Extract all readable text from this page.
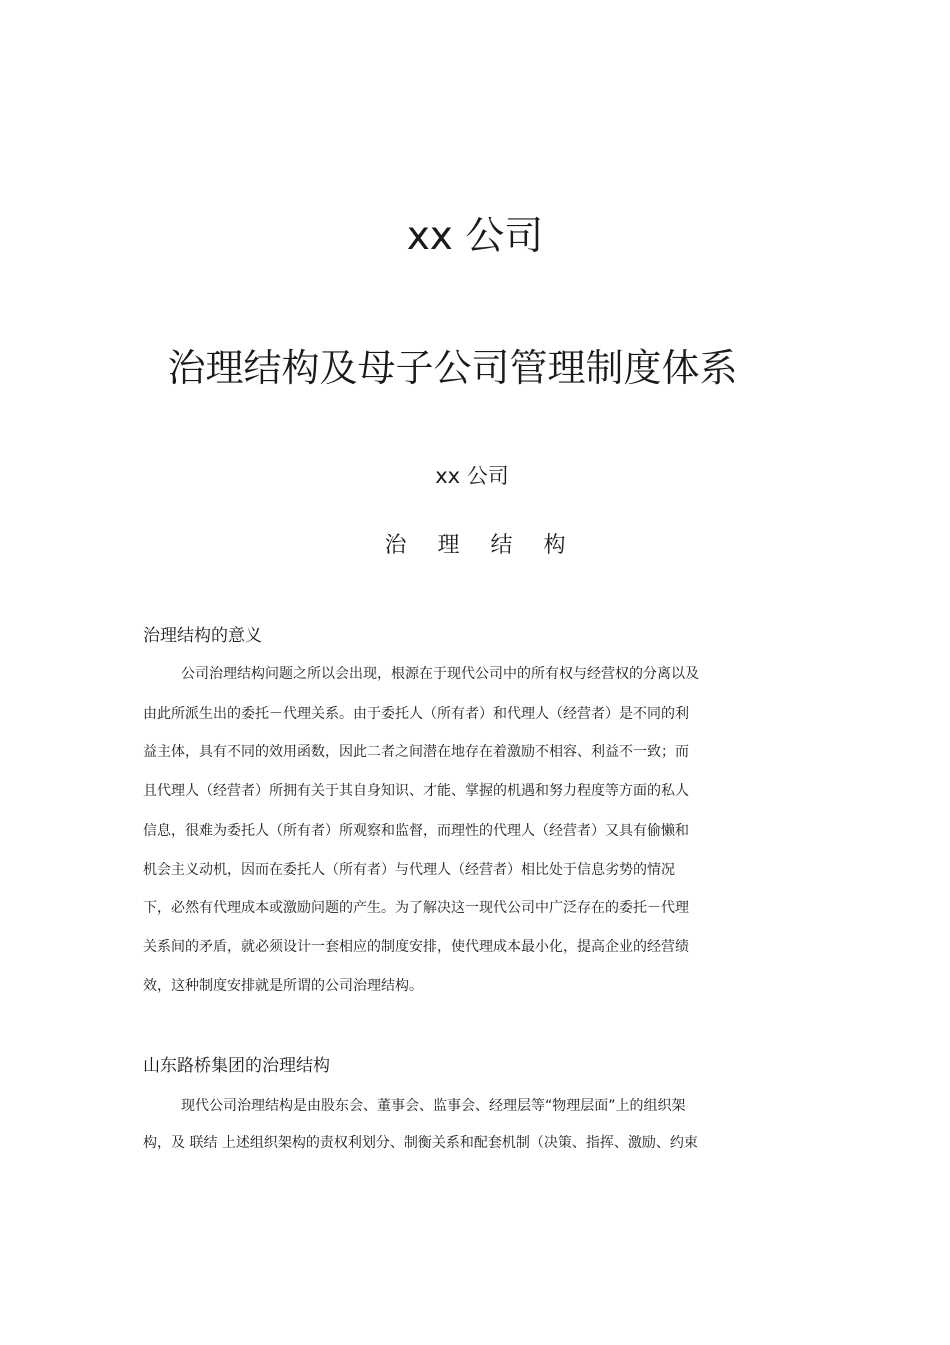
xx 公司
治理结构及母子公司管理制度体系
xx 公司
治理结构
治理结构的意义
公司治理结构问题之所以会出现，根源在于现代公司中的所有权与经营权的分离以及
由此所派生出的委托－代理关系。由于委托人（所有者）和代理人（经营者）是不同的利
益主体，具有不同的效用函数，因此二者之间潜在地存在着激励不相容、利益不一致；而
且代理人（经营者）所拥有关于其自身知识、才能、掌握的机遇和努力程度等方面的私人
信息，很难为委托人（所有者）所观察和监督，而理性的代理人（经营者）又具有偷懒和
机会主义动机，因而在委托人（所有者）与代理人（经营者）相比处于信息劣势的情况
下，必然有代理成本或激励问题的产生。为了解决这一现代公司中广泛存在的委托－代理
关系间的矛盾，就必须设计一套相应的制度安排，使代理成本最小化，提高企业的经营绩
效，这种制度安排就是所谓的公司治理结构。
山东路桥集团的治理结构
现代公司治理结构是由股东会、董事会、监事会、经理层等“物理层面”上的组织架
构，及 联结 上述组织架构的责权利划分、制衡关系和配套机制（决策、指挥、激励、约束
